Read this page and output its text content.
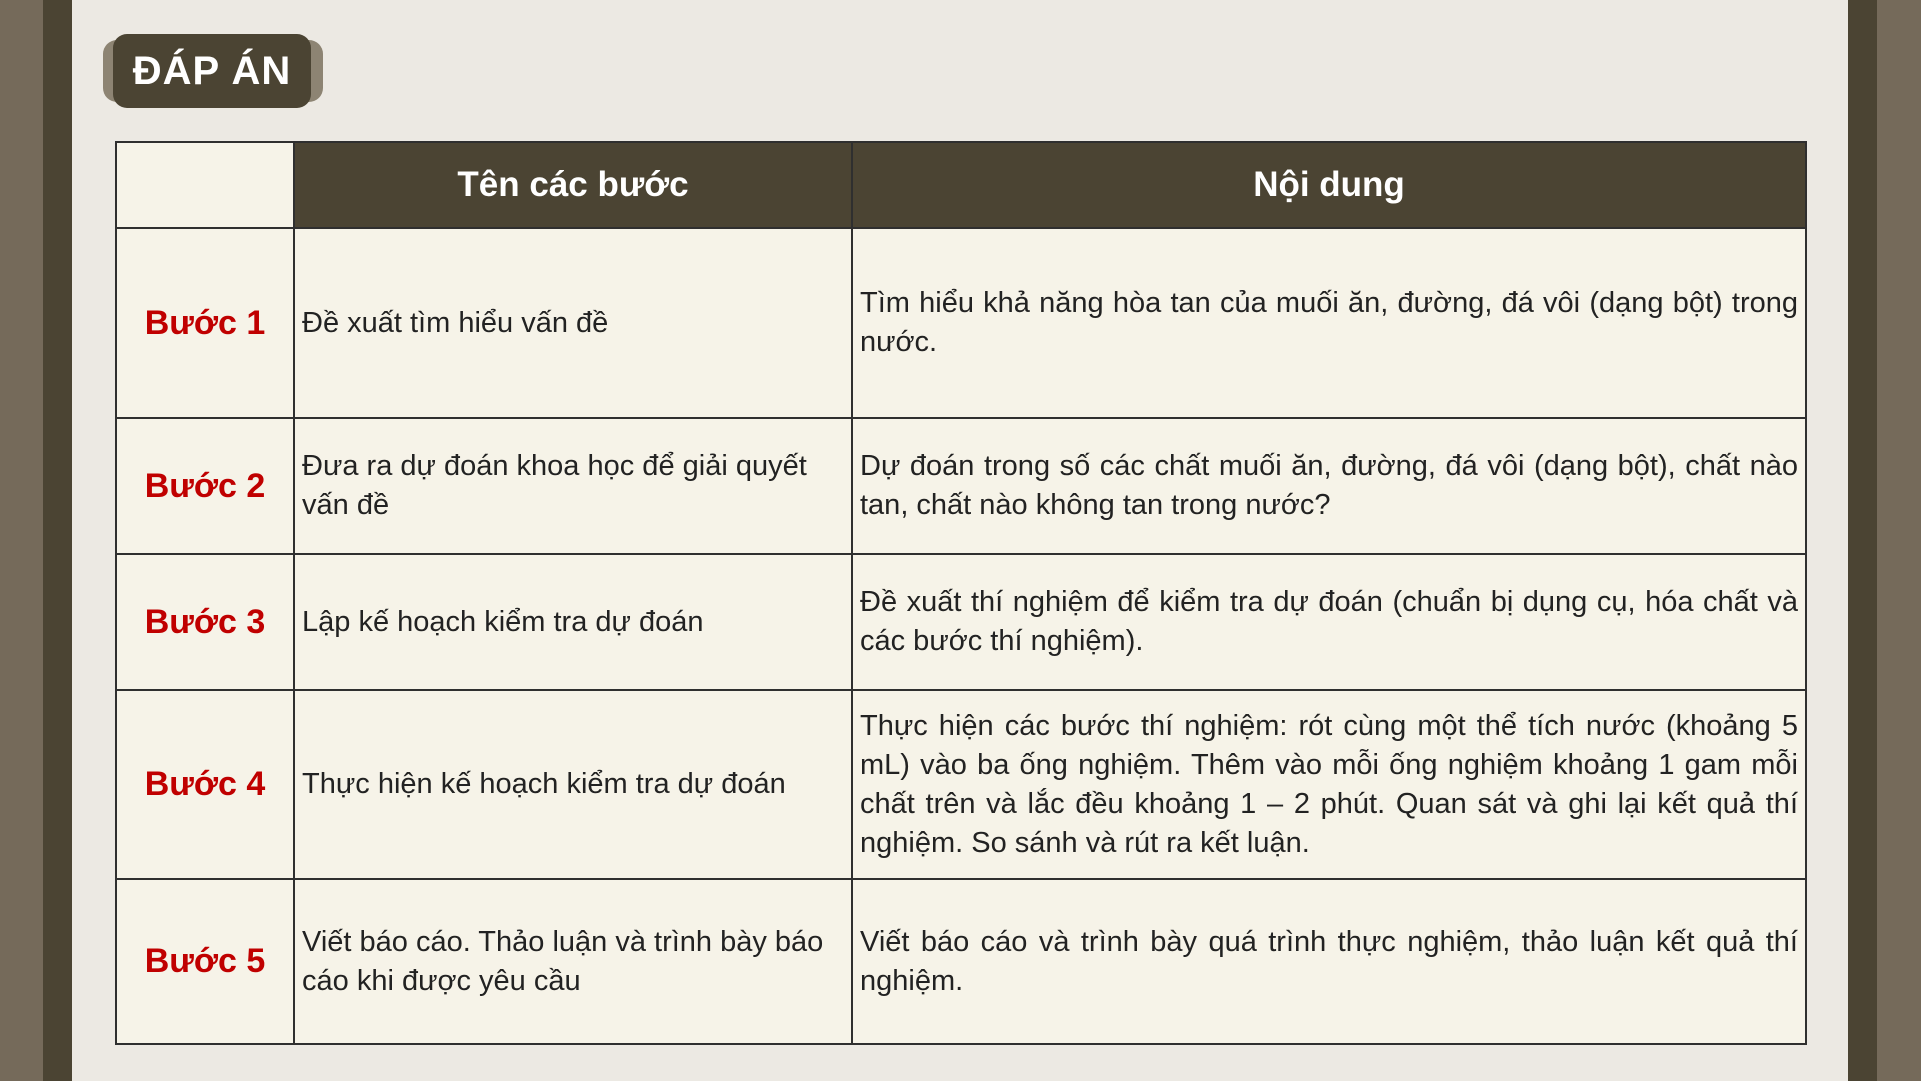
ĐÁP ÁN
	Tên các bước	Nội dung
Bước 1	Đề xuất tìm hiểu vấn đề	Tìm hiểu khả năng hòa tan của muối ăn, đường, đá vôi (dạng bột) trong nước.
Bước 2	Đưa ra dự đoán khoa học để giải quyết vấn đề	Dự đoán trong số các chất muối ăn, đường, đá vôi (dạng bột), chất nào tan, chất nào không tan trong nước?
Bước 3	Lập kế hoạch kiểm tra dự đoán	Đề xuất thí nghiệm để kiểm tra dự đoán (chuẩn bị dụng cụ, hóa chất và các bước thí nghiệm).
Bước 4	Thực hiện kế hoạch kiểm tra dự đoán	Thực hiện các bước thí nghiệm: rót cùng một thể tích nước (khoảng 5 mL) vào ba ống nghiệm. Thêm vào mỗi ống nghiệm khoảng 1 gam mỗi chất trên và lắc đều khoảng 1 – 2 phút. Quan sát và ghi lại kết quả thí nghiệm. So sánh và rút ra kết luận.
Bước 5	Viết báo cáo. Thảo luận và trình bày báo cáo khi được yêu cầu	Viết báo cáo và trình bày quá trình thực nghiệm, thảo luận kết quả thí nghiệm.
